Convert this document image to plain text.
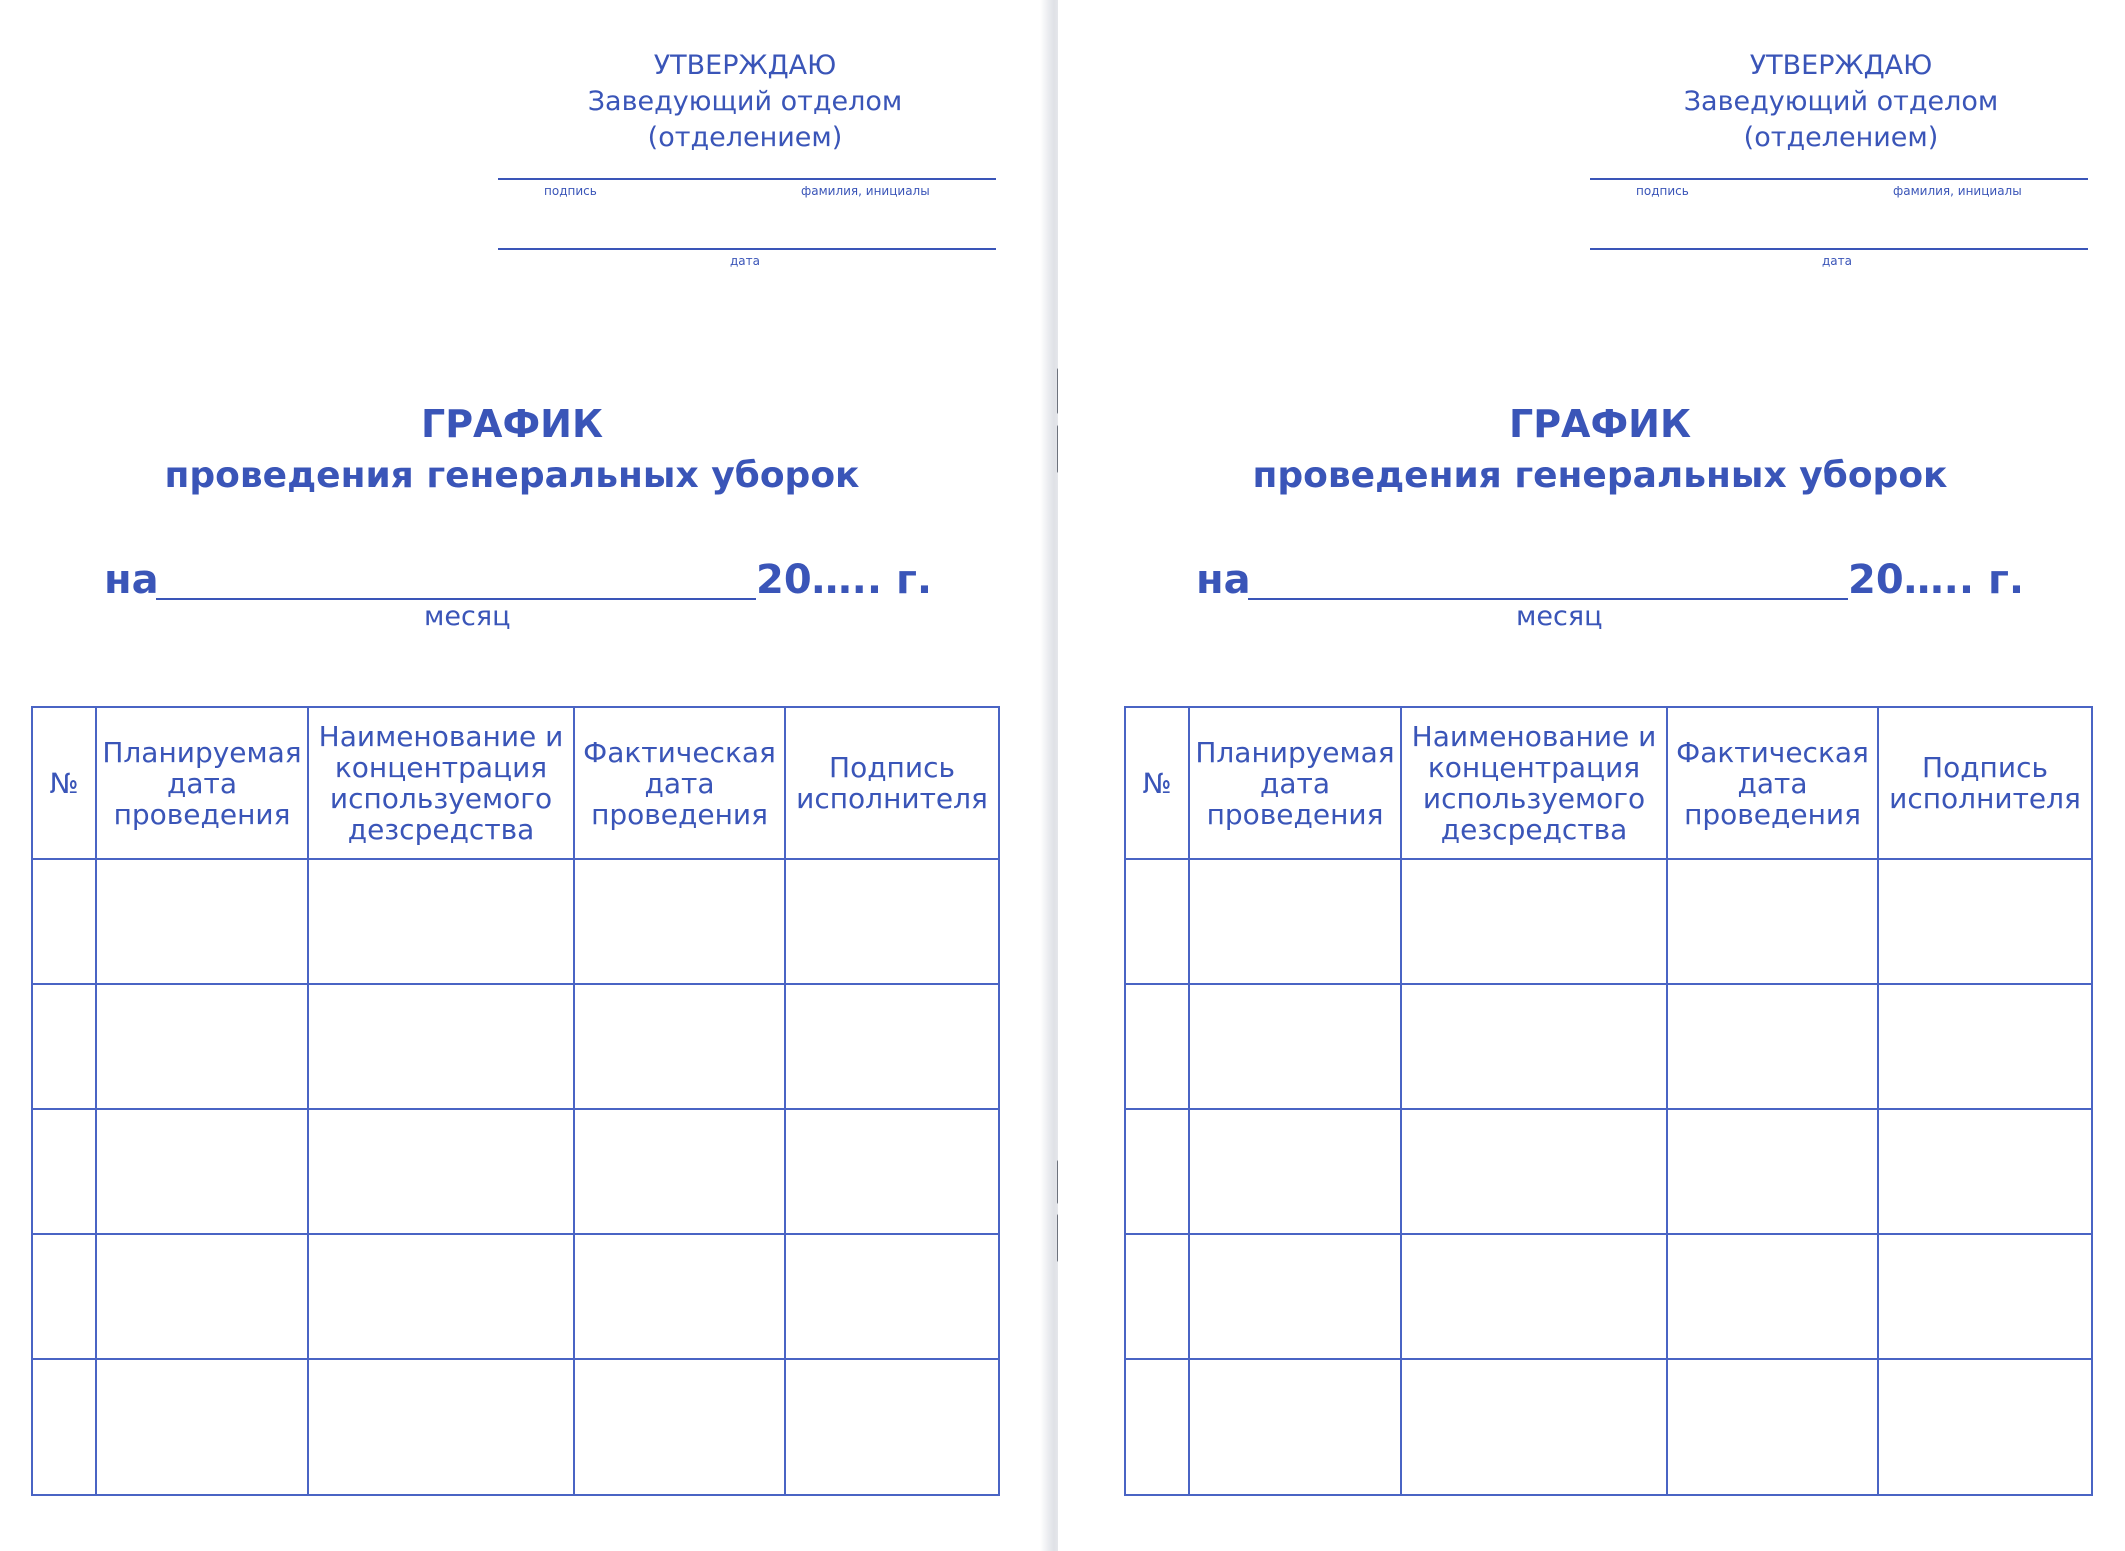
УТВЕРЖДАЮ
Заведующий отделом (отделением)
подпись	фамилия, инициалы
дата
ГРАФИК
проведения генеральных уборок
на	20….. г.
месяц
№	Планируемая дата проведения	Наименование и концентрация используемого дезсредства	Фактическая дата проведения	Подпись исполнителя

УТВЕРЖДАЮ
Заведующий отделом (отделением)
подпись	фамилия, инициалы
дата
ГРАФИК
проведения генеральных уборок
на	20….. г.
месяц
№	Планируемая дата проведения	Наименование и концентрация используемого дезсредства	Фактическая дата проведения	Подпись исполнителя
